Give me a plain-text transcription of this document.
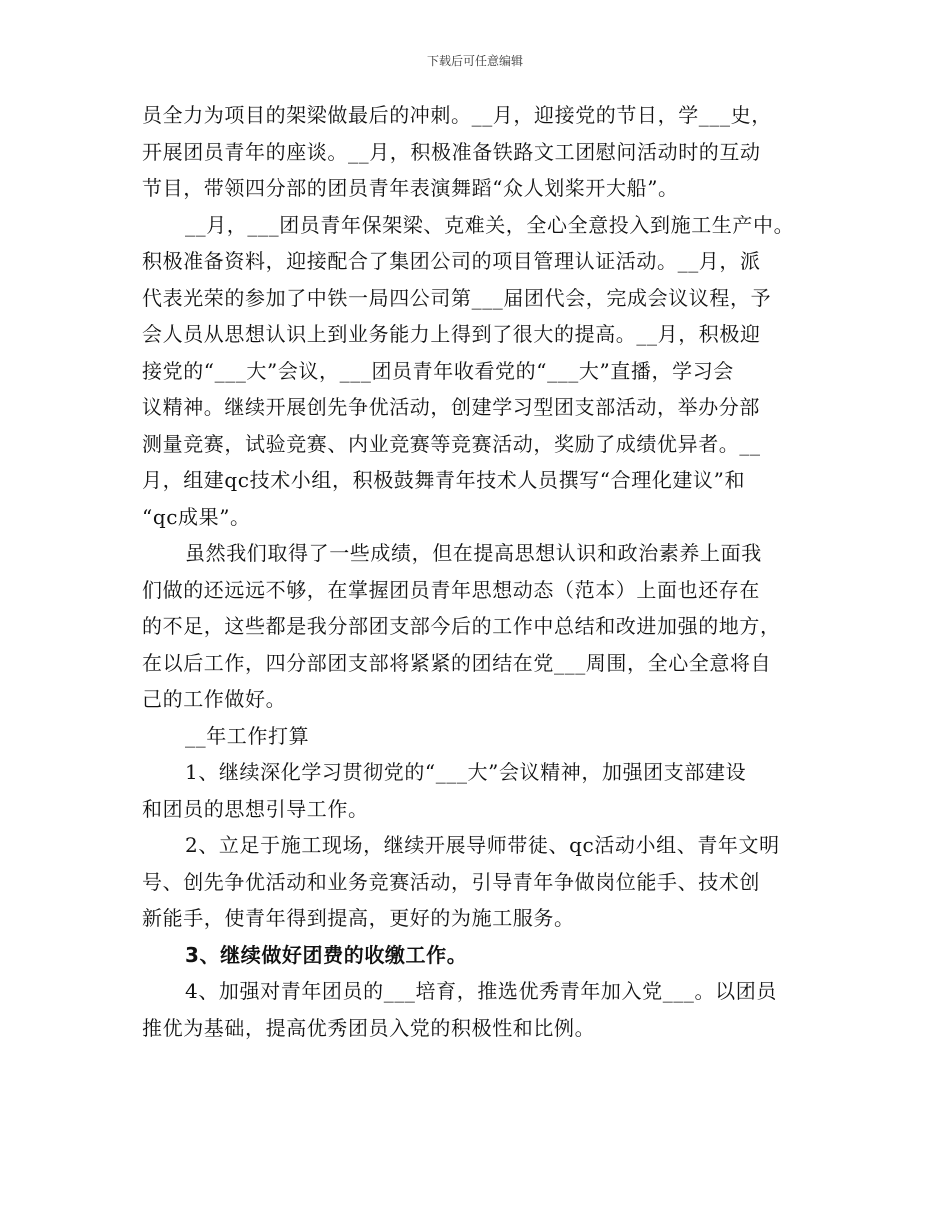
下载后可任意编辑
员全力为项目的架梁做最后的冲刺。__月，迎接党的节日，学___史，
开展团员青年的座谈。__月，积极准备铁路文工团慰问活动时的互动
节目，带领四分部的团员青年表演舞蹈“众人划桨开大船”。
__月，___团员青年保架梁、克难关，全心全意投入到施工生产中。
积极准备资料，迎接配合了集团公司的项目管理认证活动。__月，派
代表光荣的参加了中铁一局四公司第___届团代会，完成会议议程，予
会人员从思想认识上到业务能力上得到了很大的提高。__月，积极迎
接党的“___大”会议，___团员青年收看党的“___大”直播，学习会
议精神。继续开展创先争优活动，创建学习型团支部活动，举办分部
测量竞赛，试验竞赛、内业竞赛等竞赛活动，奖励了成绩优异者。__
月，组建qc技术小组，积极鼓舞青年技术人员撰写“合理化建议”和
“qc成果”。
虽然我们取得了一些成绩，但在提高思想认识和政治素养上面我
们做的还远远不够，在掌握团员青年思想动态（范本）上面也还存在
的不足，这些都是我分部团支部今后的工作中总结和改进加强的地方，
在以后工作，四分部团支部将紧紧的团结在党___周围，全心全意将自
己的工作做好。
__年工作打算
1、继续深化学习贯彻党的“___大”会议精神，加强团支部建设
和团员的思想引导工作。
2、立足于施工现场，继续开展导师带徒、qc活动小组、青年文明
号、创先争优活动和业务竞赛活动，引导青年争做岗位能手、技术创
新能手，使青年得到提高，更好的为施工服务。
3、继续做好团费的收缴工作。
4、加强对青年团员的___培育，推选优秀青年加入党___。以团员
推优为基础，提高优秀团员入党的积极性和比例。
